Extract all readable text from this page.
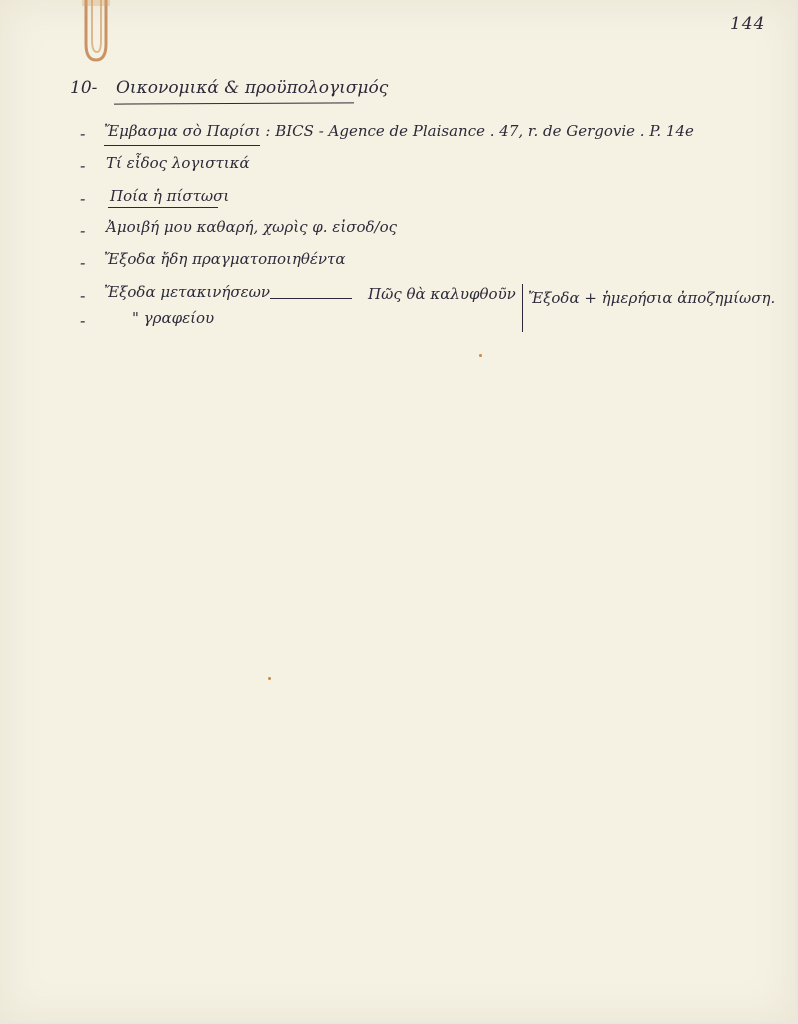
144
10- Οικονομικά & προϋπολογισμός
- Ἔμβασμα σὸ Παρίσι : BICS - Agence de Plaisance . 47, r. de Gergovie . P. 14e
- Τί εἶδος λογιστικά
- Ποία ἡ πίστωσι
- Ἀμοιβή μου καθαρή, χωρὶς φ. εἰσοδ/ος
- Ἔξοδα ἤδη πραγματοποιηθέντα
- Ἔξοδα μετακινήσεων
-	" γραφείου
Πῶς θὰ καλυφθοῦν Ἔξοδα + ἡμερήσια ἀποζημίωση.
